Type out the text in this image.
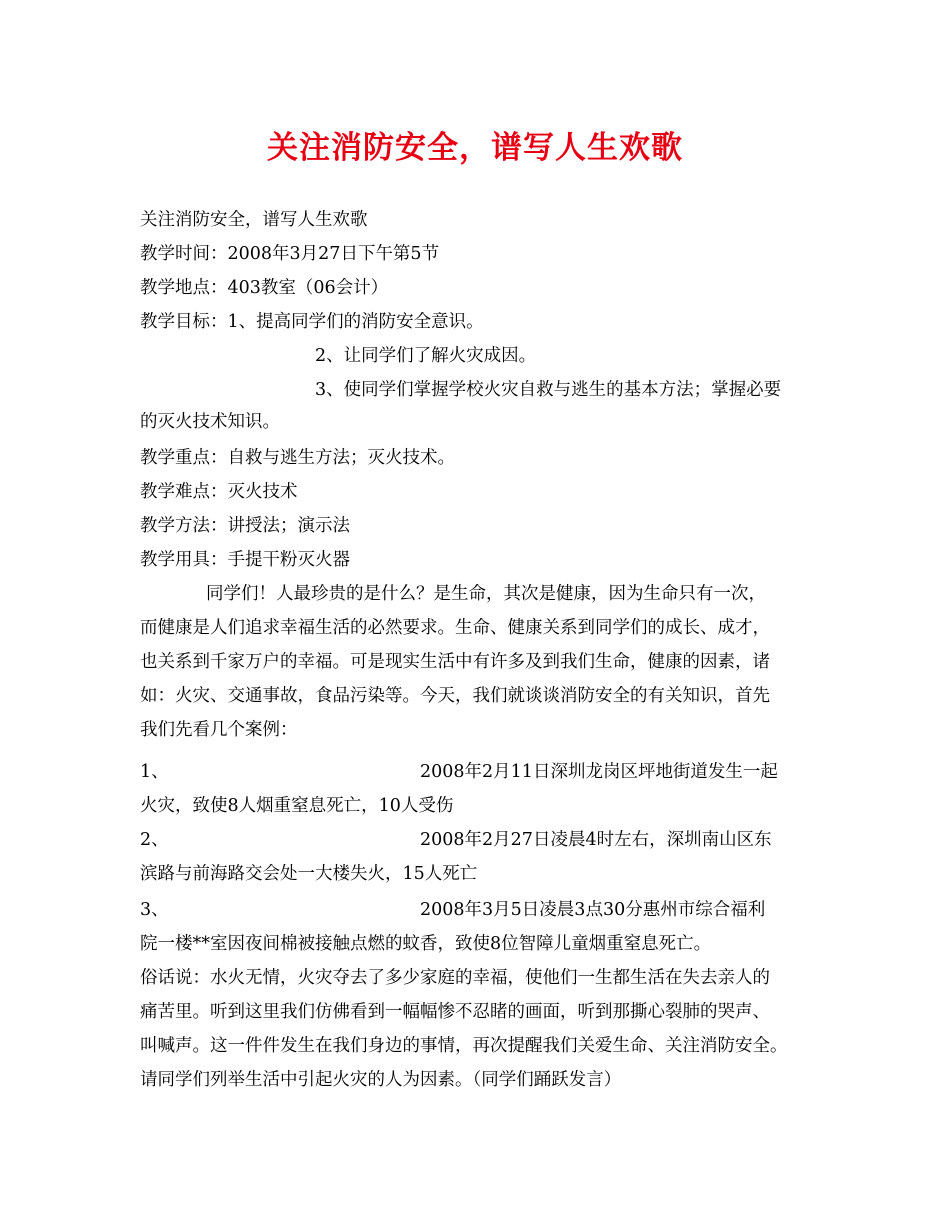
关注消防安全，谱写人生欢歌
关注消防安全，谱写人生欢歌
教学时间：2008年3月27日下午第5节
教学地点：403教室（06会计）
教学目标：1、提高同学们的消防安全意识。
2、让同学们了解火灾成因。
3、使同学们掌握学校火灾自救与逃生的基本方法；掌握必要
的灭火技术知识。
教学重点：自救与逃生方法；灭火技术。
教学难点：灭火技术
教学方法：讲授法；演示法
教学用具：手提干粉灭火器
同学们！人最珍贵的是什么？是生命，其次是健康，因为生命只有一次，
而健康是人们追求幸福生活的必然要求。生命、健康关系到同学们的成长、成才，
也关系到千家万户的幸福。可是现实生活中有许多及到我们生命，健康的因素，诸
如：火灾、交通事故，食品污染等。今天，我们就谈谈消防安全的有关知识，首先
我们先看几个案例：
1、	2008年2月11日深圳龙岗区坪地街道发生一起
火灾，致使8人烟重窒息死亡，10人受伤
2、	2008年2月27日凌晨4时左右，深圳南山区东
滨路与前海路交会处一大楼失火，15人死亡
3、	2008年3月5日凌晨3点30分惠州市综合福利
院一楼**室因夜间棉被接触点燃的蚊香，致使8位智障儿童烟重窒息死亡。
俗话说：水火无情，火灾夺去了多少家庭的幸福，使他们一生都生活在失去亲人的
痛苦里。听到这里我们仿佛看到一幅幅惨不忍睹的画面，听到那撕心裂肺的哭声、
叫喊声。这一件件发生在我们身边的事情，再次提醒我们关爱生命、关注消防安全。
请同学们列举生活中引起火灾的人为因素。（同学们踊跃发言）
